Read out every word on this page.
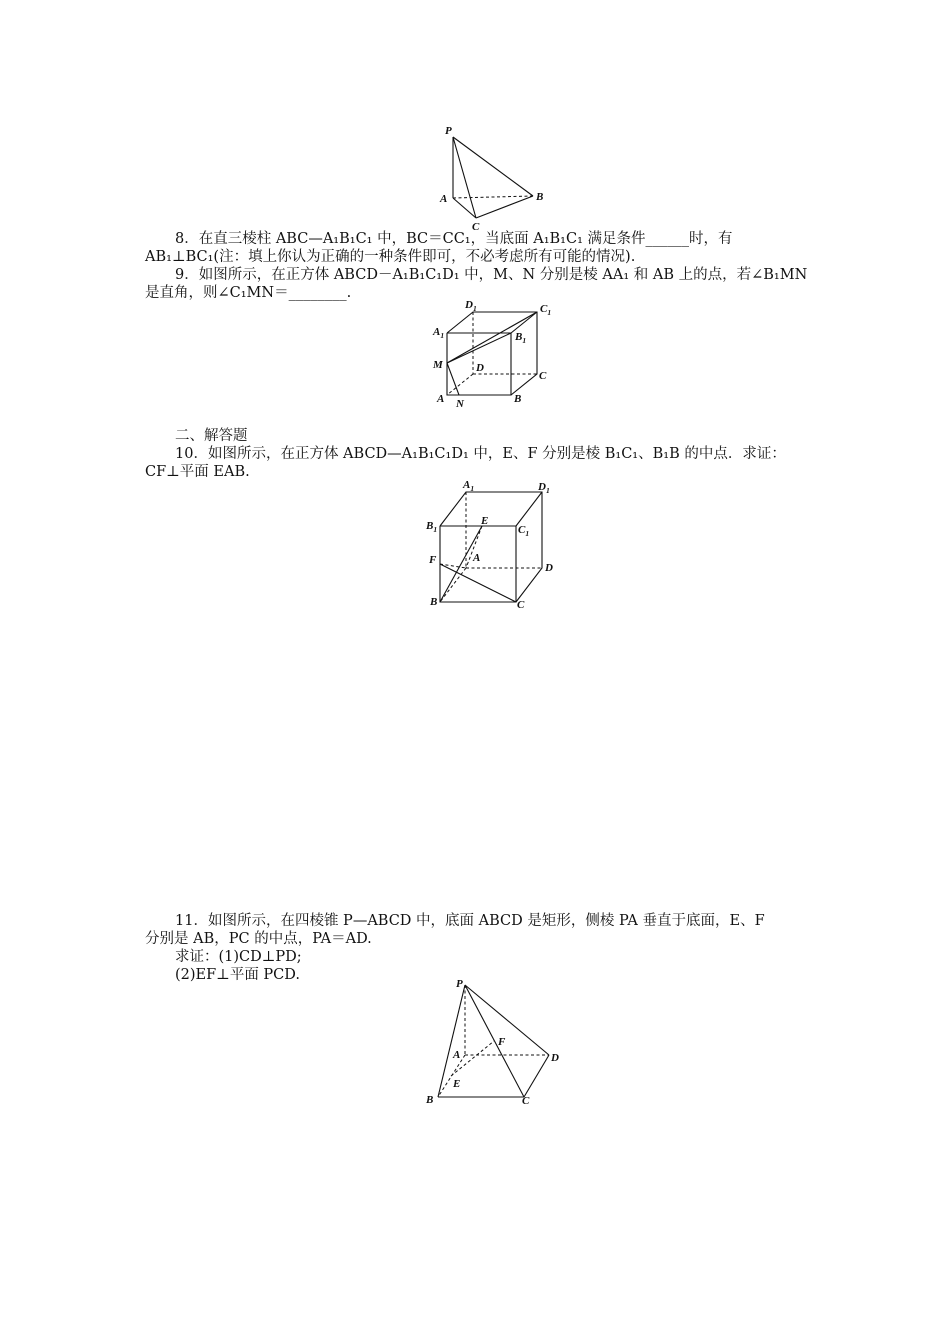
P
A	B
C
8．在直三棱柱 ABC—A₁B₁C₁ 中，BC＝CC₁，当底面 A₁B₁C₁ 满足条件______时，有
AB₁⊥BC₁(注：填上你认为正确的一种条件即可，不必考虑所有可能的情况).
9．如图所示，在正方体 ABCD－A₁B₁C₁D₁ 中，M、N 分别是棱 AA₁ 和 AB 上的点，若∠B₁MN
是直角，则∠C₁MN＝________.
$D_1$	$C_1$
$A_1$	$B_1$
M	D
C
A N	B
二、解答题
10．如图所示，在正方体 ABCD—A₁B₁C₁D₁ 中，E、F 分别是棱 B₁C₁、B₁B 的中点．求证：
CF⊥平面 EAB.
$A_1$	$D_1$
$B_1$
E
$C_1$
F	A
D
B	C
11．如图所示，在四棱锥 P—ABCD 中，底面 ABCD 是矩形，侧棱 PA 垂直于底面，E、F
分别是 AB，PC 的中点，PA＝AD.
求证：(1)CD⊥PD;
(2)EF⊥平面 PCD.
P
F
A	D
E
B	C
